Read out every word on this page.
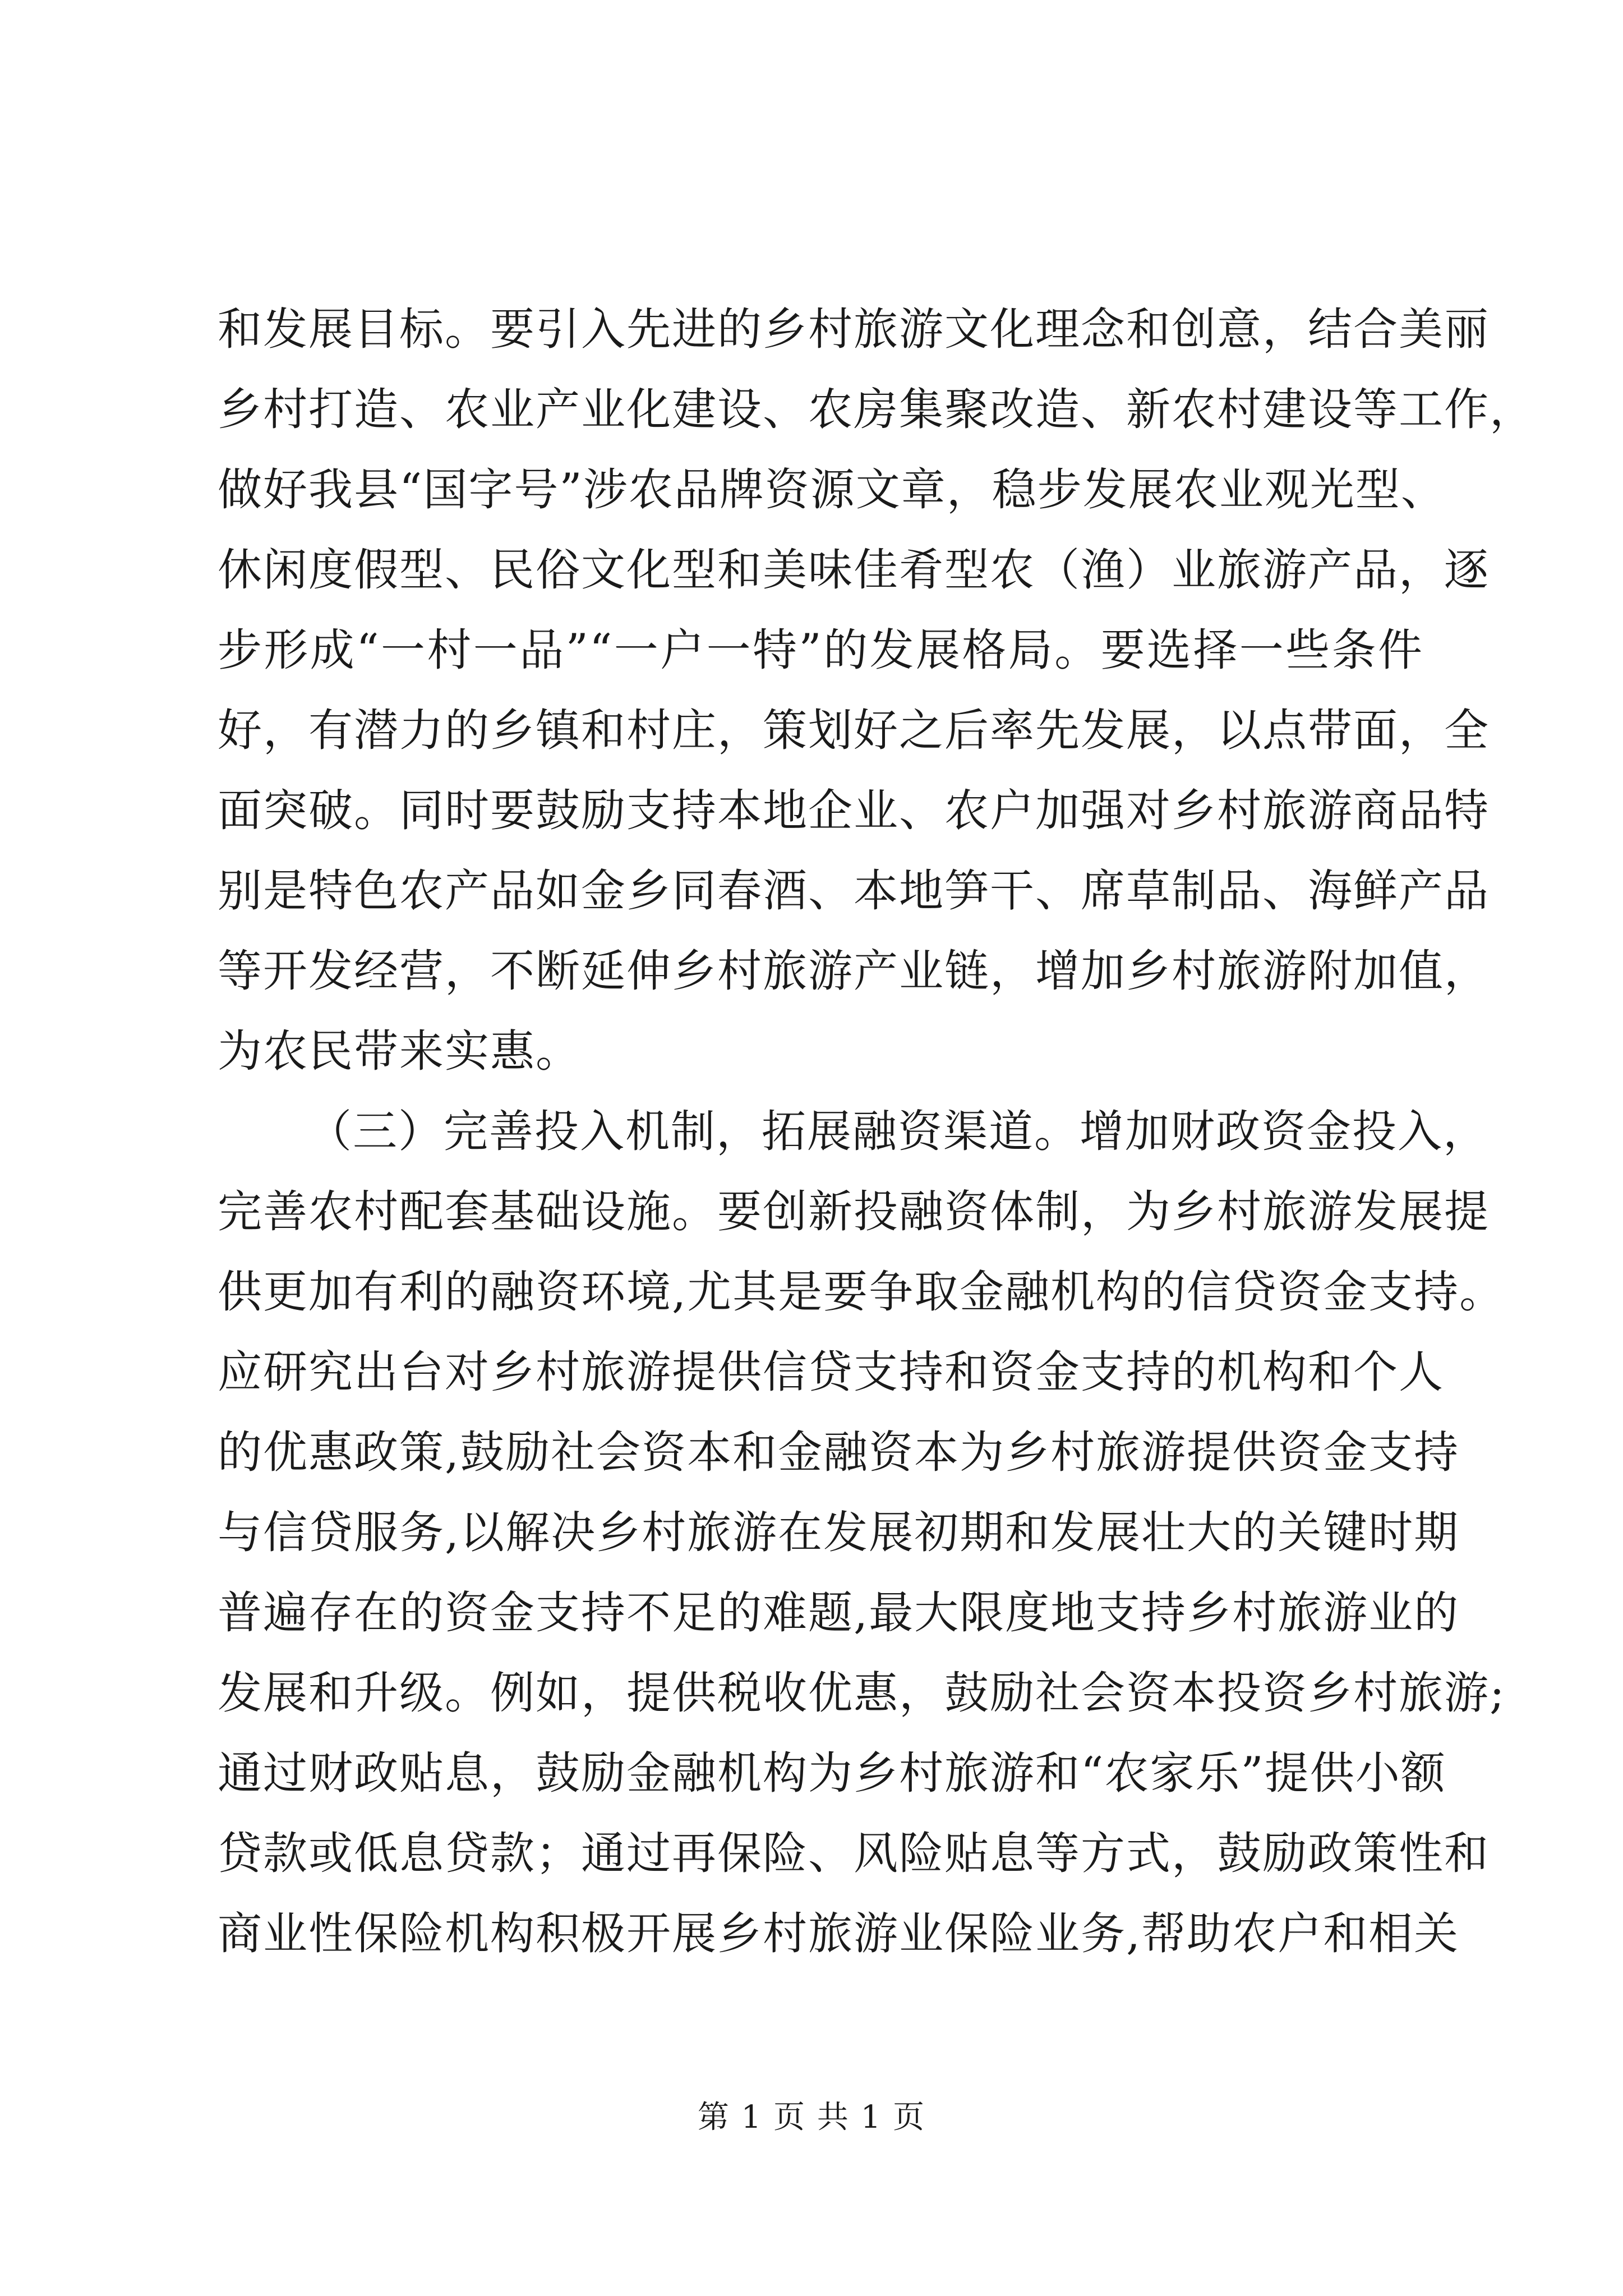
和发展目标。要引入先进的乡村旅游文化理念和创意，结合美丽
乡村打造、农业产业化建设、农房集聚改造、新农村建设等工作，
做好我县“国字号”涉农品牌资源文章，稳步发展农业观光型、
休闲度假型、民俗文化型和美味佳肴型农（渔）业旅游产品，逐
步形成“一村一品”“一户一特”的发展格局。要选择一些条件
好，有潜力的乡镇和村庄，策划好之后率先发展，以点带面，全
面突破。同时要鼓励支持本地企业、农户加强对乡村旅游商品特
别是特色农产品如金乡同春酒、本地笋干、席草制品、海鲜产品
等开发经营，不断延伸乡村旅游产业链，增加乡村旅游附加值，
为农民带来实惠。
（三）完善投入机制，拓展融资渠道。增加财政资金投入，
完善农村配套基础设施。要创新投融资体制，为乡村旅游发展提
供更加有利的融资环境,尤其是要争取金融机构的信贷资金支持。
应研究出台对乡村旅游提供信贷支持和资金支持的机构和个人
的优惠政策,鼓励社会资本和金融资本为乡村旅游提供资金支持
与信贷服务,以解决乡村旅游在发展初期和发展壮大的关键时期
普遍存在的资金支持不足的难题,最大限度地支持乡村旅游业的
发展和升级。例如，提供税收优惠，鼓励社会资本投资乡村旅游;
通过财政贴息，鼓励金融机构为乡村旅游和“农家乐”提供小额
贷款或低息贷款；通过再保险、风险贴息等方式，鼓励政策性和
商业性保险机构积极开展乡村旅游业保险业务,帮助农户和相关
第 1 页 共 1 页
